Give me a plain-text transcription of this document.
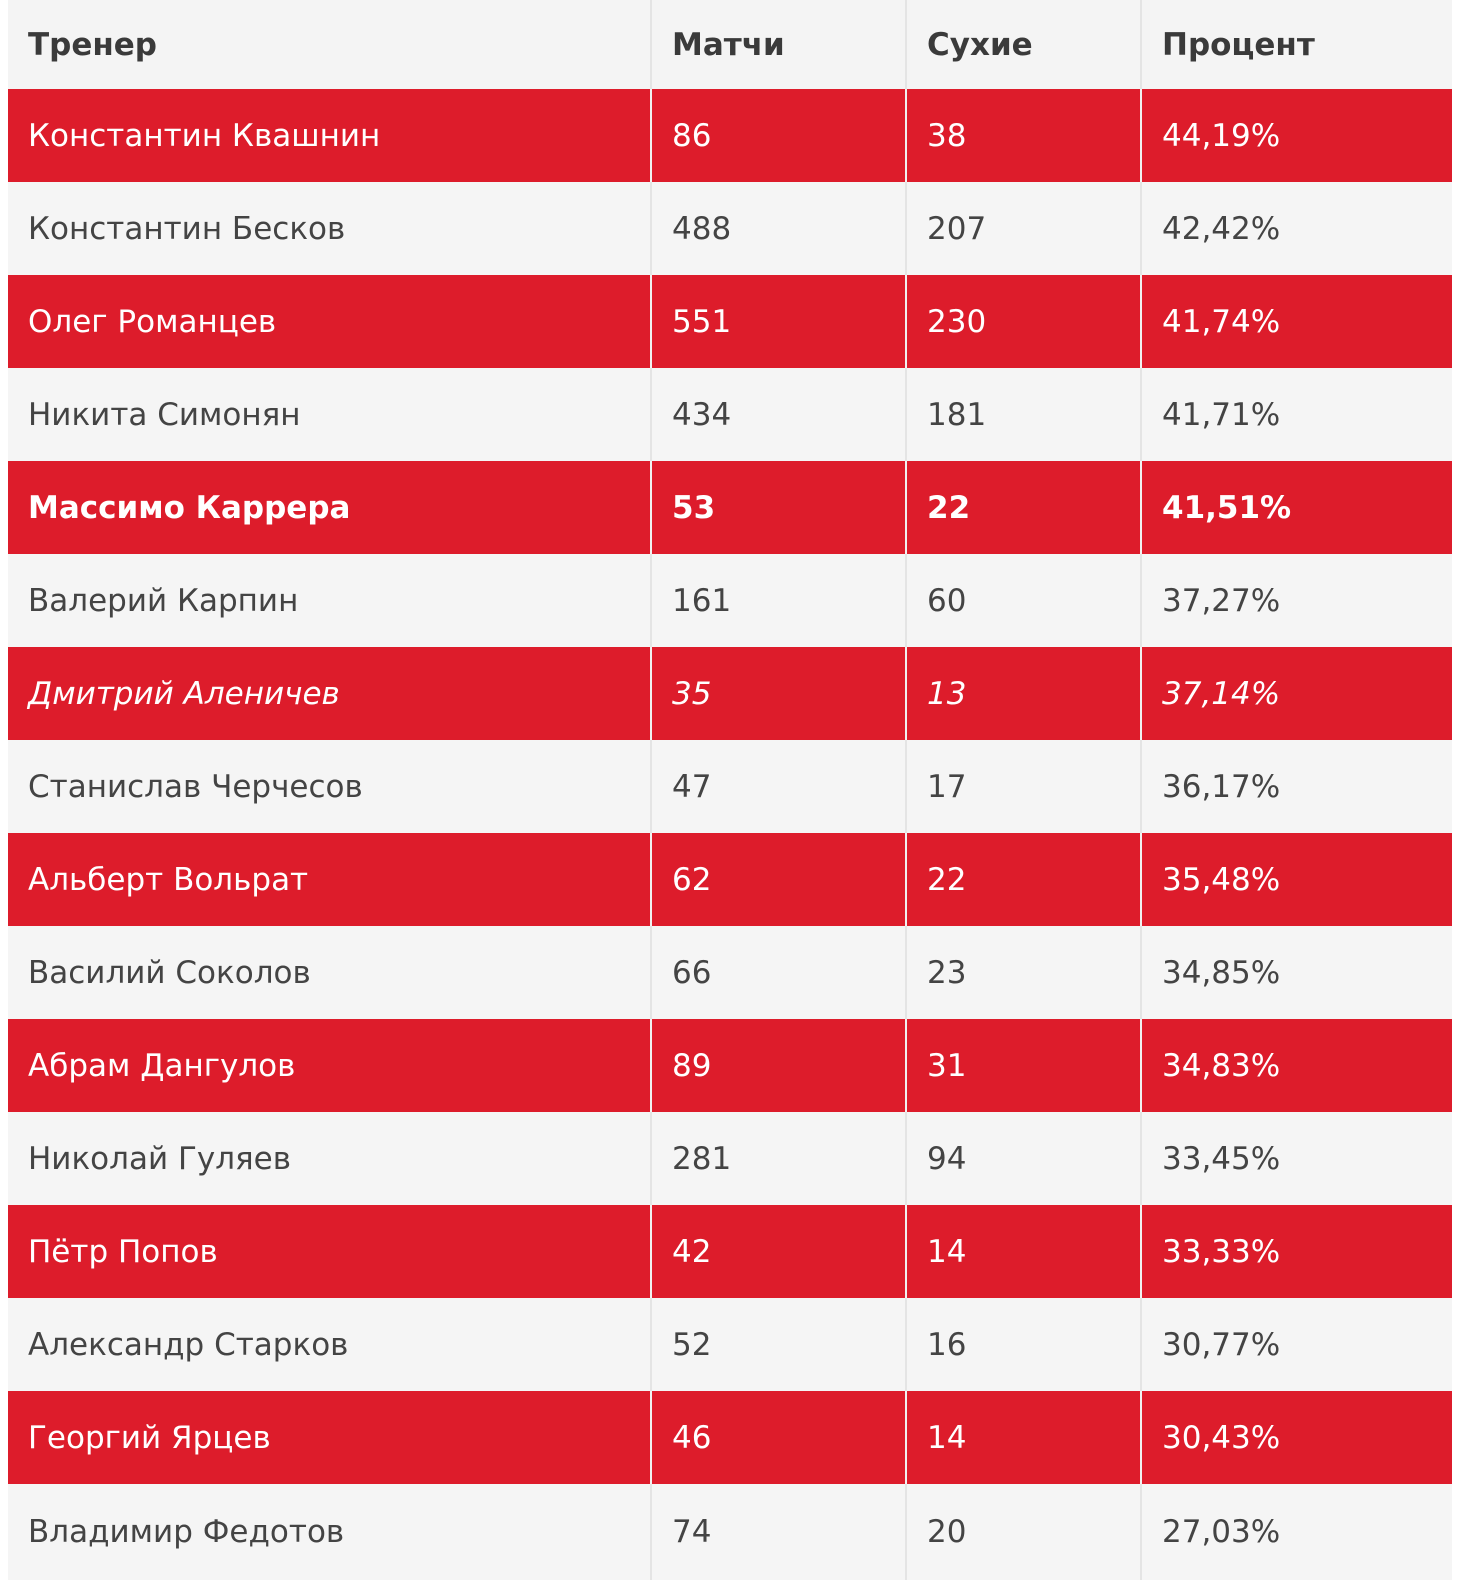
Тренер	Матчи	Сухие	Процент
Константин Квашнин	86	38	44,19%
Константин Бесков	488	207	42,42%
Олег Романцев	551	230	41,74%
Никита Симонян	434	181	41,71%
Массимо Каррера	53	22	41,51%
Валерий Карпин	161	60	37,27%
Дмитрий Аленичев	35	13	37,14%
Станислав Черчесов	47	17	36,17%
Альберт Вольрат	62	22	35,48%
Василий Соколов	66	23	34,85%
Абрам Дангулов	89	31	34,83%
Николай Гуляев	281	94	33,45%
Пётр Попов	42	14	33,33%
Александр Старков	52	16	30,77%
Георгий Ярцев	46	14	30,43%
Владимир Федотов	74	20	27,03%
